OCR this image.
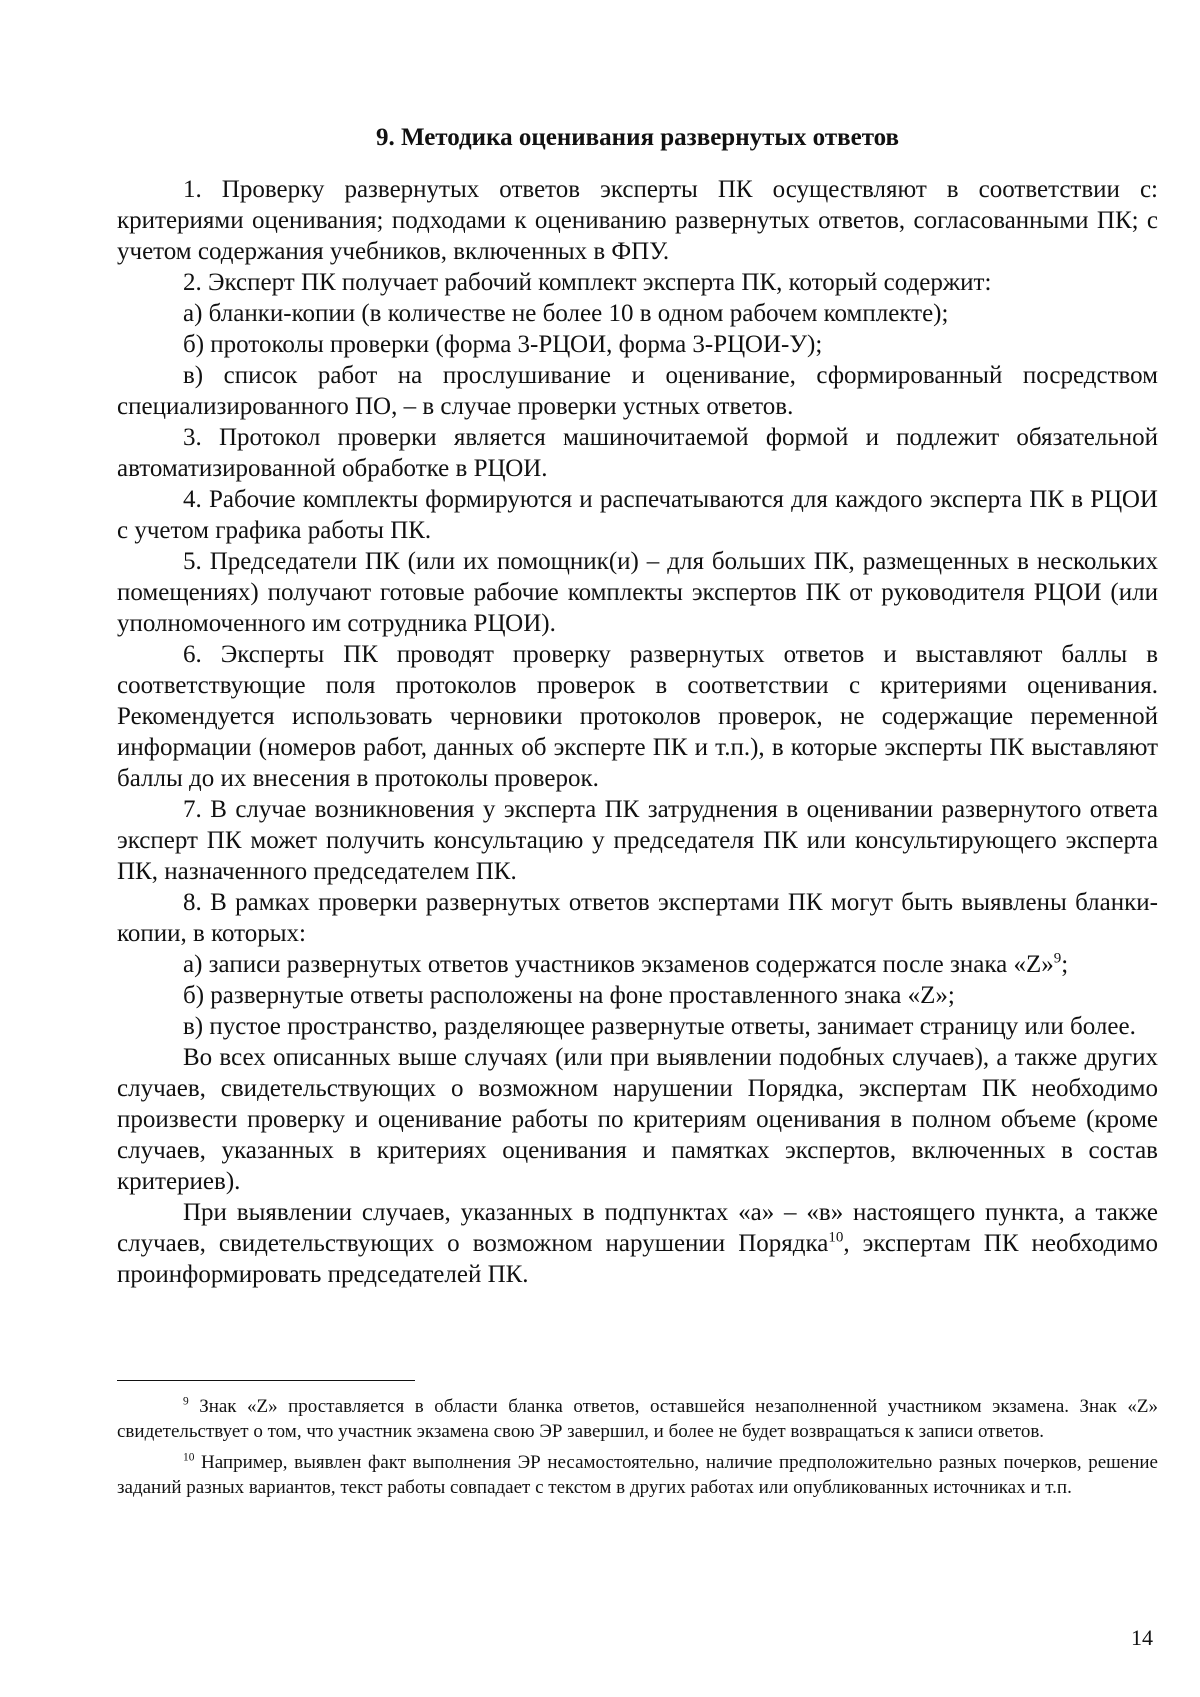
9. Методика оценивания развернутых ответов

1. Проверку развернутых ответов эксперты ПК осуществляют в соответствии с: критериями оценивания; подходами к оцениванию развернутых ответов, согласованными ПК; с учетом содержания учебников, включенных в ФПУ.

2. Эксперт ПК получает рабочий комплект эксперта ПК, который содержит:

а) бланки-копии (в количестве не более 10 в одном рабочем комплекте);

б) протоколы проверки (форма 3-РЦОИ, форма 3-РЦОИ-У);

в) список работ на прослушивание и оценивание, сформированный посредством специализированного ПО, – в случае проверки устных ответов.

3. Протокол проверки является машиночитаемой формой и подлежит обязательной автоматизированной обработке в РЦОИ.

4. Рабочие комплекты формируются и распечатываются для каждого эксперта ПК в РЦОИ с учетом графика работы ПК.

5. Председатели ПК (или их помощник(и) – для больших ПК, размещенных в нескольких помещениях) получают готовые рабочие комплекты экспертов ПК от руководителя РЦОИ (или уполномоченного им сотрудника РЦОИ).

6. Эксперты ПК проводят проверку развернутых ответов и выставляют баллы в соответствующие поля протоколов проверок в соответствии с критериями оценивания. Рекомендуется использовать черновики протоколов проверок, не содержащие переменной информации (номеров работ, данных об эксперте ПК и т.п.), в которые эксперты ПК выставляют баллы до их внесения в протоколы проверок.

7. В случае возникновения у эксперта ПК затруднения в оценивании развернутого ответа эксперт ПК может получить консультацию у председателя ПК или консультирующего эксперта ПК, назначенного председателем ПК.

8. В рамках проверки развернутых ответов экспертами ПК могут быть выявлены бланки-копии, в которых:

а) записи развернутых ответов участников экзаменов содержатся после знака «Z»$^9$;

б) развернутые ответы расположены на фоне проставленного знака «Z»;

в) пустое пространство, разделяющее развернутые ответы, занимает страницу или более.

Во всех описанных выше случаях (или при выявлении подобных случаев), а также других случаев, свидетельствующих о возможном нарушении Порядка, экспертам ПК необходимо произвести проверку и оценивание работы по критериям оценивания в полном объеме (кроме случаев, указанных в критериях оценивания и памятках экспертов, включенных в состав критериев).

При выявлении случаев, указанных в подпунктах «а» – «в» настоящего пункта, а также случаев, свидетельствующих о возможном нарушении Порядка$^{10}$, экспертам ПК необходимо проинформировать председателей ПК.

$^9$ Знак «Z» проставляется в области бланка ответов, оставшейся незаполненной участником экзамена. Знак «Z» свидетельствует о том, что участник экзамена свою ЭР завершил, и более не будет возвращаться к записи ответов.

$^{10}$ Например, выявлен факт выполнения ЭР несамостоятельно, наличие предположительно разных почерков, решение заданий разных вариантов, текст работы совпадает с текстом в других работах или опубликованных источниках и т.п.

14
